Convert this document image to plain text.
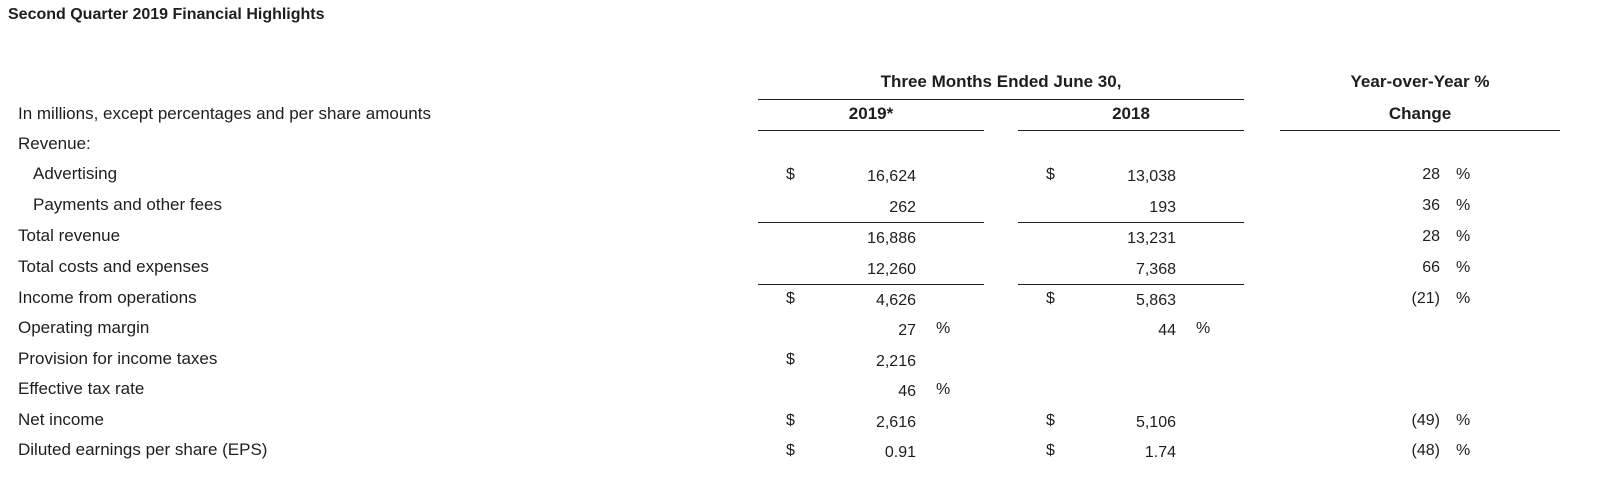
Second Quarter 2019 Financial Highlights
Three Months Ended June 30,
2019*	2018
Year-over-Year %
Change
In millions, except percentages and per share amounts
Revenue:
Advertising	$	16,624	$	13,038	28 %
Payments and other fees	262	193	36 %
Total revenue	16,886	13,231	28 %
Total costs and expenses	12,260	7,368	66 %
Income from operations	$	4,626	$	5,863	(21) %
Operating margin	27 %	44 %
Provision for income taxes	$	2,216
Effective tax rate	46 %
Net income	$	2,616	$	5,106	(49) %
Diluted earnings per share (EPS)	$	0.91	$	1.74	(48) %
